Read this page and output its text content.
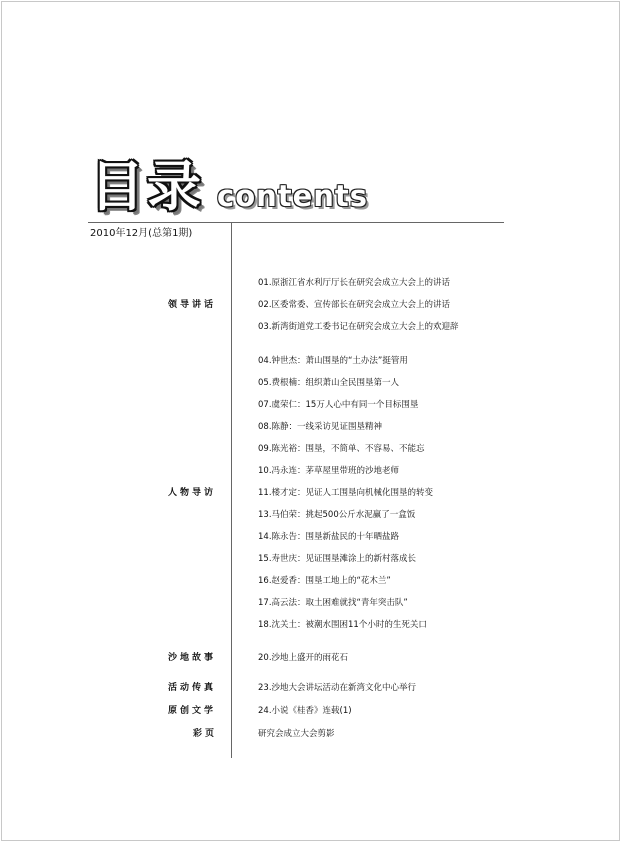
目录 contents
2010年12月(总第1期)
领导讲话
人物导访
沙地故事
活动传真
原创文学
彩页
01.原浙江省水利厅厅长在研究会成立大会上的讲话
02.区委常委、宣传部长在研究会成立大会上的讲话
03.新湾街道党工委书记在研究会成立大会上的欢迎辞
04.钟世杰：萧山围垦的“土办法”挺管用
05.费根楠：组织萧山全民围垦第一人
07.虞荣仁：15万人心中有同一个目标围垦
08.陈静：一线采访见证围垦精神
09.陈光裕：围垦，不简单、不容易、不能忘
10.冯永连：茅草屋里带班的沙地老师
11.楼才定：见证人工围垦向机械化围垦的转变
13.马伯荣：挑起500公斤水泥赢了一盒饭
14.陈永告：围垦新盐民的十年晒盐路
15.寿世庆：见证围垦滩涂上的新村落成长
16.赵爱香：围垦工地上的“花木兰”
17.高云法：取土困难就找“青年突击队”
18.沈关土：被潮水围困11个小时的生死关口
20.沙地上盛开的雨花石
23.沙地大会讲坛活动在新湾文化中心举行
24.小说《桂香》连载(1)
研究会成立大会剪影
